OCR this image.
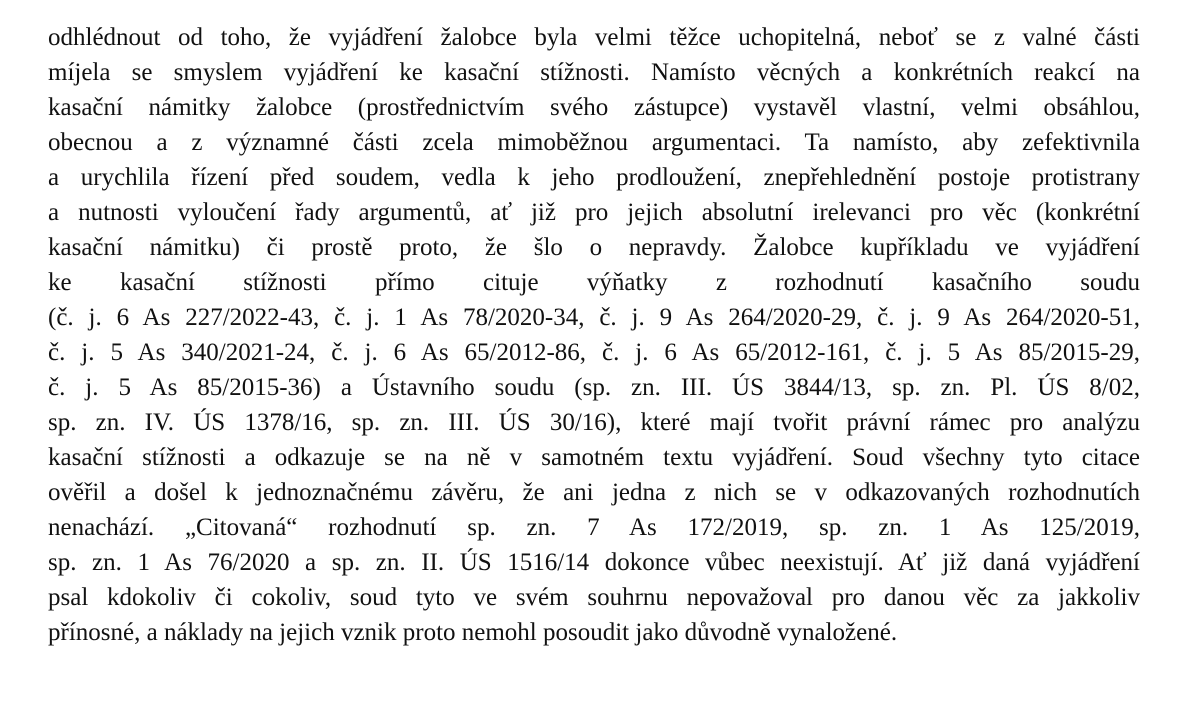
odhlédnout od toho, že vyjádření žalobce byla velmi těžce uchopitelná, neboť se z valné části
míjela se smyslem vyjádření ke kasační stížnosti. Namísto věcných a konkrétních reakcí na
kasační námitky žalobce (prostřednictvím svého zástupce) vystavěl vlastní, velmi obsáhlou,
obecnou a z významné části zcela mimoběžnou argumentaci. Ta namísto, aby zefektivnila
a urychlila řízení před soudem, vedla k jeho prodloužení, znepřehlednění postoje protistrany
a nutnosti vyloučení řady argumentů, ať již pro jejich absolutní irelevanci pro věc (konkrétní
kasační námitku) či prostě proto, že šlo o nepravdy. Žalobce kupříkladu ve vyjádření
ke kasační stížnosti přímo cituje výňatky z rozhodnutí kasačního soudu
(č. j. 6 As 227/2022-43, č. j. 1 As 78/2020-34, č. j. 9 As 264/2020-29, č. j. 9 As 264/2020-51,
č. j. 5 As 340/2021-24, č. j. 6 As 65/2012-86, č. j. 6 As 65/2012-161, č. j. 5 As 85/2015-29,
č. j. 5 As 85/2015-36) a Ústavního soudu (sp. zn. III. ÚS 3844/13, sp. zn. Pl. ÚS 8/02,
sp. zn. IV. ÚS 1378/16, sp. zn. III. ÚS 30/16), které mají tvořit právní rámec pro analýzu
kasační stížnosti a odkazuje se na ně v samotném textu vyjádření. Soud všechny tyto citace
ověřil a došel k jednoznačnému závěru, že ani jedna z nich se v odkazovaných rozhodnutích
nenachází. „Citovaná“ rozhodnutí sp. zn. 7 As 172/2019, sp. zn. 1 As 125/2019,
sp. zn. 1 As 76/2020 a sp. zn. II. ÚS 1516/14 dokonce vůbec neexistují. Ať již daná vyjádření
psal kdokoliv či cokoliv, soud tyto ve svém souhrnu nepovažoval pro danou věc za jakkoliv
přínosné, a náklady na jejich vznik proto nemohl posoudit jako důvodně vynaložené.
